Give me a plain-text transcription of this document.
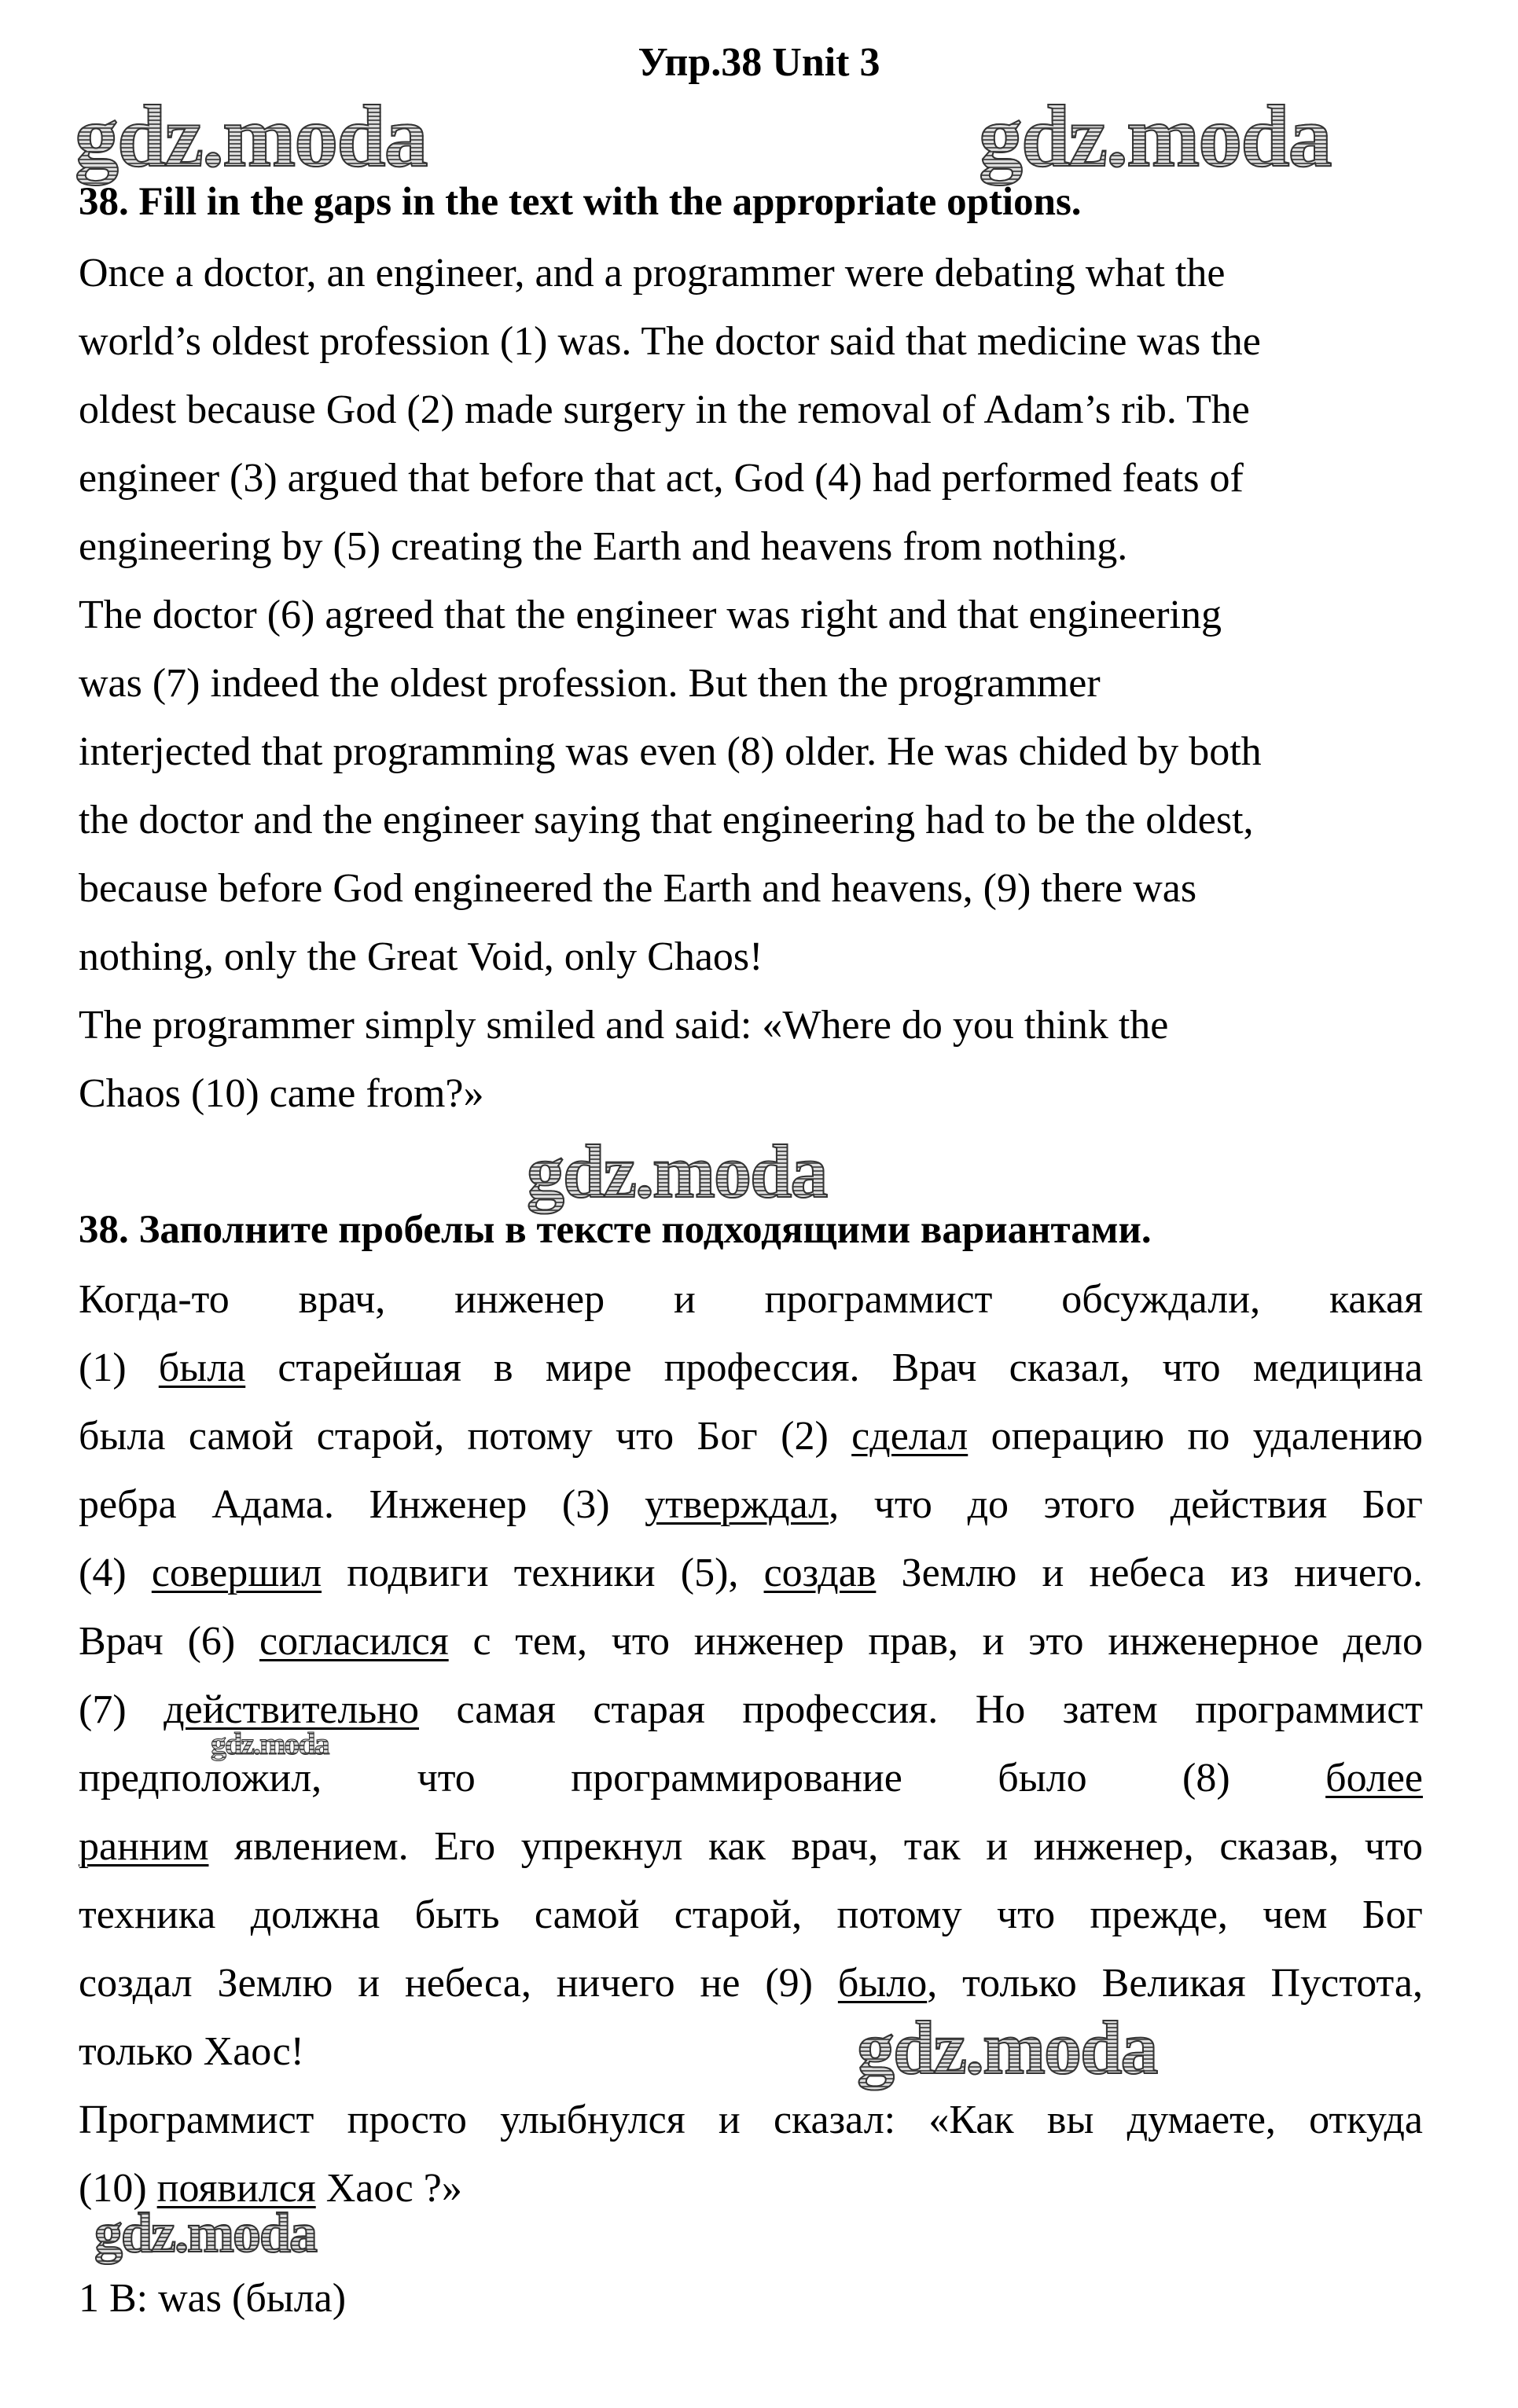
Упр.38 Unit 3
gdz.moda	gdz.moda
gdz.moda
gdz.moda
gdz.moda
gdz.moda
38. Fill in the gaps in the text with the appropriate options.
Once a doctor, an engineer, and a programmer were debating what the
world’s oldest profession (1) was. The doctor said that medicine was the
oldest because God (2) made surgery in the removal of Adam’s rib. The
engineer (3) argued that before that act, God (4) had performed feats of
engineering by (5) creating the Earth and heavens from nothing.
The doctor (6) agreed that the engineer was right and that engineering
was (7) indeed the oldest profession. But then the programmer
interjected that programming was even (8) older. He was chided by both
the doctor and the engineer saying that engineering had to be the oldest,
because before God engineered the Earth and heavens, (9) there was
nothing, only the Great Void, only Chaos!
The programmer simply smiled and said: «Where do you think the
Chaos (10) came from?»
38. Заполните пробелы в тексте подходящими вариантами.
Когда-то врач, инженер и программист обсуждали, какая
(1) была старейшая в мире профессия. Врач сказал, что медицина
была самой старой, потому что Бог (2) сделал операцию по удалению
ребра Адама. Инженер (3) утверждал, что до этого действия Бог
(4) совершил подвиги техники (5), создав Землю и небеса из ничего.
Врач (6) согласился с тем, что инженер прав, и это инженерное дело
(7) действительно самая старая профессия. Но затем программист
предположил, что программирование было (8) более
ранним явлением. Его упрекнул как врач, так и инженер, сказав, что
техника должна быть самой старой, потому что прежде, чем Бог
создал Землю и небеса, ничего не (9) было, только Великая Пустота,
только Хаос!
Программист просто улыбнулся и сказал: «Как вы думаете, откуда
(10) появился Хаос ?»
1 B: was (была)
